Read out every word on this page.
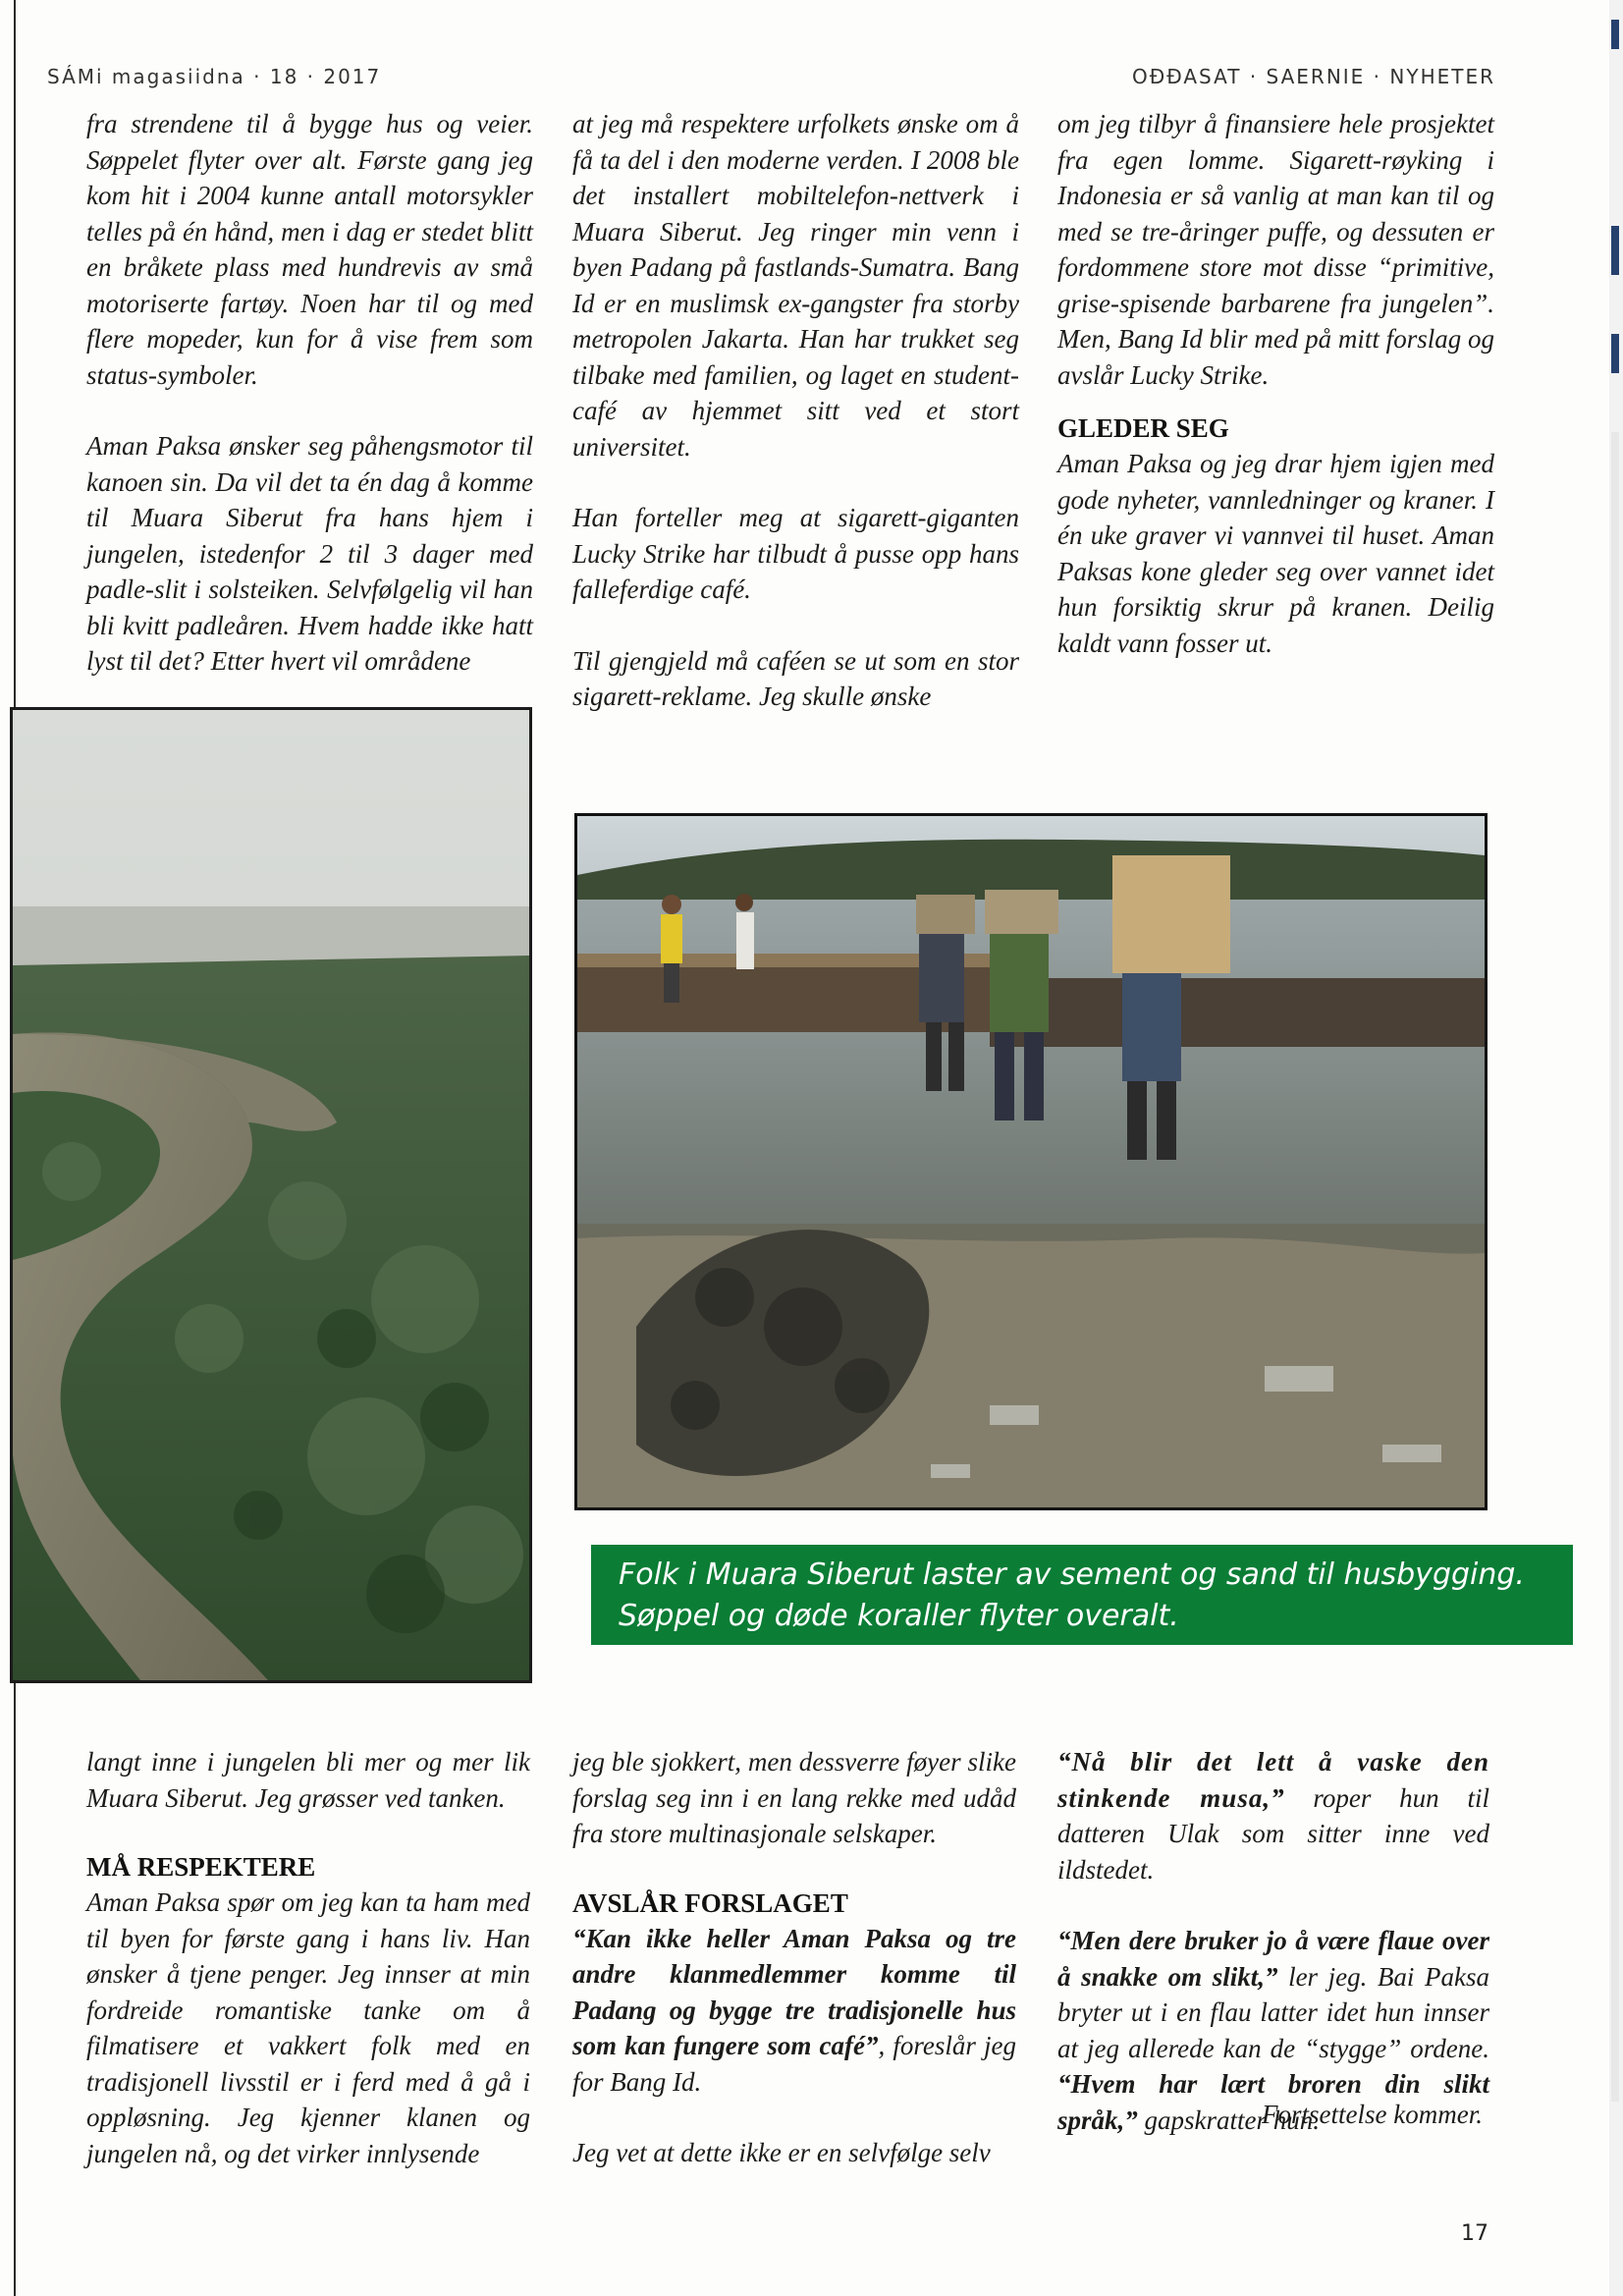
SÁMi magasiidna · 18 · 2017	OĐĐASAT · SAERNIE · NYHETER

fra strendene til å bygge hus og veier. Søppelet flyter over alt. Første gang jeg kom hit i 2004 kunne antall motorsykler telles på én hånd, men i dag er stedet blitt en bråkete plass med hundrevis av små motoriserte fartøy. Noen har til og med flere mopeder, kun for å vise frem som status-symboler.

Aman Paksa ønsker seg påhengsmotor til kanoen sin. Da vil det ta én dag å komme til Muara Siberut fra hans hjem i jungelen, istedenfor 2 til 3 dager med padle-slit i solsteiken. Selvfølgelig vil han bli kvitt padleåren. Hvem hadde ikke hatt lyst til det? Etter hvert vil områdene

at jeg må respektere urfolkets ønske om å få ta del i den moderne verden. I 2008 ble det installert mobiltelefon-nettverk i Muara Siberut. Jeg ringer min venn i byen Padang på fastlands-Sumatra. Bang Id er en muslimsk ex-gangster fra storby metropolen Jakarta. Han har trukket seg tilbake med familien, og laget en student-café av hjemmet sitt ved et stort universitet.

Han forteller meg at sigarett-giganten Lucky Strike har tilbudt å pusse opp hans falleferdige café.

Til gjengjeld må caféen se ut som en stor sigarett-reklame. Jeg skulle ønske

om jeg tilbyr å finansiere hele prosjektet fra egen lomme. Sigarett-røyking i Indonesia er så vanlig at man kan til og med se tre-åringer puffe, og dessuten er fordommene store mot disse “primitive, grise-spisende barbarene fra jungelen”. Men, Bang Id blir med på mitt forslag og avslår Lucky Strike.

GLEDER SEG

Aman Paksa og jeg drar hjem igjen med gode nyheter, vannledninger og kraner. I én uke graver vi vannvei til huset. Aman Paksas kone gleder seg over vannet idet hun forsiktig skrur på kranen. Deilig kaldt vann fosser ut.

Folk i Muara Siberut laster av sement og sand til husbygging. Søppel og døde koraller flyter overalt.

langt inne i jungelen bli mer og mer lik Muara Siberut. Jeg grøsser ved tanken.

MÅ RESPEKTERE

Aman Paksa spør om jeg kan ta ham med til byen for første gang i hans liv. Han ønsker å tjene penger. Jeg innser at min fordreide romantiske tanke om å filmatisere et vakkert folk med en tradisjonell livsstil er i ferd med å gå i oppløsning. Jeg kjenner klanen og jungelen nå, og det virker innlysende

jeg ble sjokkert, men dessverre føyer slike forslag seg inn i en lang rekke med udåd fra store multinasjonale selskaper.

AVSLÅR FORSLAGET

“Kan ikke heller Aman Paksa og tre andre klanmedlemmer komme til Padang og bygge tre tradisjonelle hus som kan fungere som café”, foreslår jeg for Bang Id.

Jeg vet at dette ikke er en selvfølge selv

“Nå blir det lett å vaske den stinkende musa,” roper hun til datteren Ulak som sitter inne ved ildstedet.

“Men dere bruker jo å være flaue over å snakke om slikt,” ler jeg. Bai Paksa bryter ut i en flau latter idet hun innser at jeg allerede kan de “stygge” ordene. “Hvem har lært broren din slikt språk,” gapskratter hun.

Fortsettelse kommer.
17
